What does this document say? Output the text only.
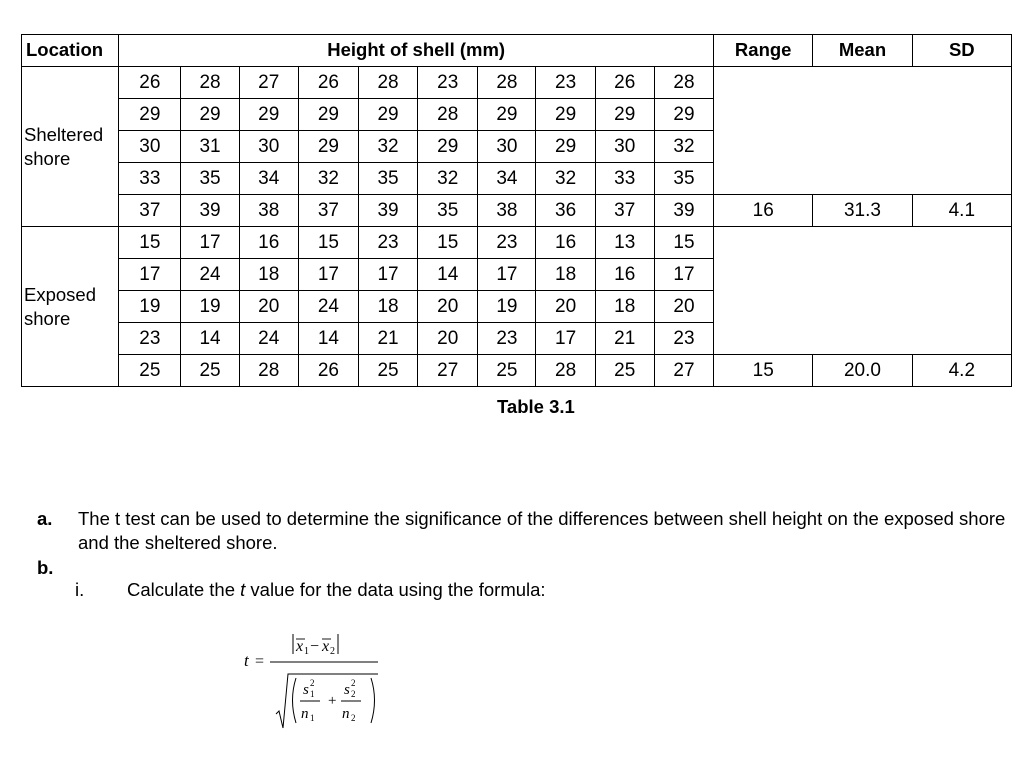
Location	Height of shell (mm)										Range	Mean	SD
Sheltered shore	26	28	27	26	28	23	28	23	26	28			
	29	29	29	29	29	28	29	29	29	29			
	30	31	30	29	32	29	30	29	30	32			
	33	35	34	32	35	32	34	32	33	35			
	37	39	38	37	39	35	38	36	37	39	16	31.3	4.1
Exposed shore	15	17	16	15	23	15	23	16	13	15			
	17	24	18	17	17	14	17	18	16	17			
	19	19	20	24	18	20	19	20	18	20			
	23	14	24	14	21	20	23	17	21	23			
	25	25	28	26	25	27	25	28	25	27	15	20.0	4.2
Table 3.1
a. The t test can be used to determine the significance of the differences between shell height on the exposed shore and the sheltered shore.
b.
i. Calculate the t value for the data using the formula:
t =
x 1 − x 2
s 2
1
n 1
+
s 2
2
n 2
